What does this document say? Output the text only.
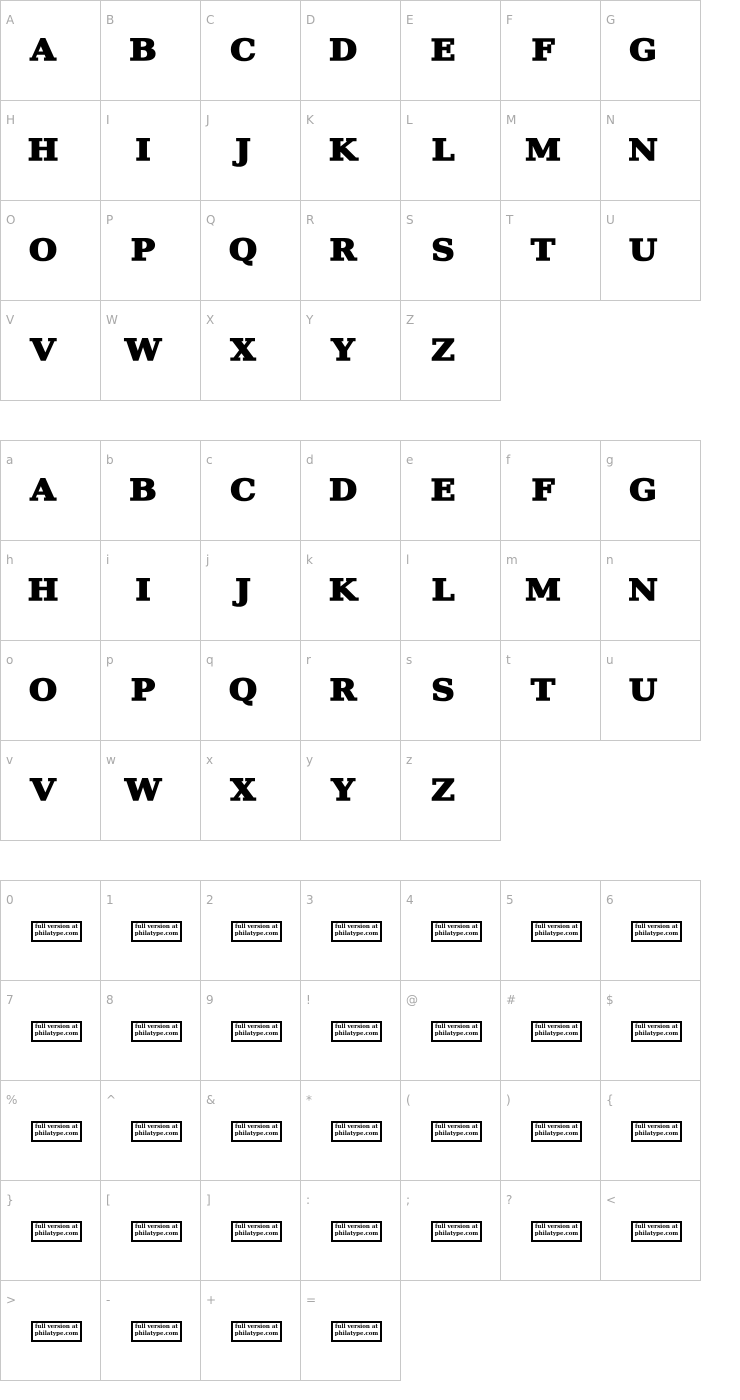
A
A
B
B
C
C
D
D
E
E
F
F
G
G
H
H
I
I
J
J
K
K
L
L
M
M
N
N
O
O
P
P
Q
Q
R
R
S
S
T
T
U
U
V
V
W
W
X
X
Y
Y
Z
Z
a
A
b
B
c
C
d
D
e
E
f
F
g
G
h
H
i
I
j
J
k
K
l
L
m
M
n
N
o
O
p
P
q
Q
r
R
s
S
t
T
u
U
v
V
w
W
x
X
y
Y
z
Z
0
full version at
philatype.com
1
full version at
philatype.com
2
full version at
philatype.com
3
full version at
philatype.com
4
full version at
philatype.com
5
full version at
philatype.com
6
full version at
philatype.com
7
full version at
philatype.com
8
full version at
philatype.com
9
full version at
philatype.com
!
full version at
philatype.com
@
full version at
philatype.com
#
full version at
philatype.com
$
full version at
philatype.com
%
full version at
philatype.com
^
full version at
philatype.com
&
full version at
philatype.com
*
full version at
philatype.com
(
full version at
philatype.com
)
full version at
philatype.com
{
full version at
philatype.com
}
full version at
philatype.com
[
full version at
philatype.com
]
full version at
philatype.com
:
full version at
philatype.com
;
full version at
philatype.com
?
full version at
philatype.com
<
full version at
philatype.com
>
full version at
philatype.com
-
full version at
philatype.com
+
full version at
philatype.com
=
full version at
philatype.com
